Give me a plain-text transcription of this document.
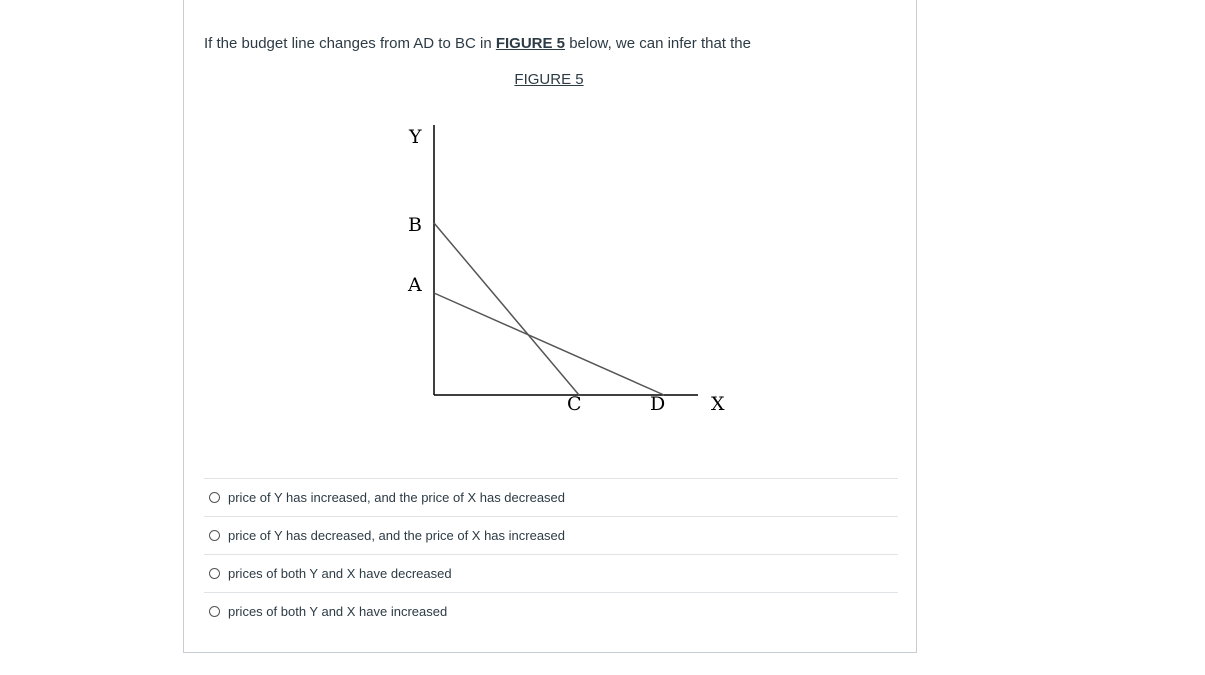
If the budget line changes from AD to BC in FIGURE 5 below, we can infer that the
FIGURE 5
Y
B
A
C	D X
price of Y has increased, and the price of X has decreased
price of Y has decreased, and the price of X has increased
prices of both Y and X have decreased
prices of both Y and X have increased
